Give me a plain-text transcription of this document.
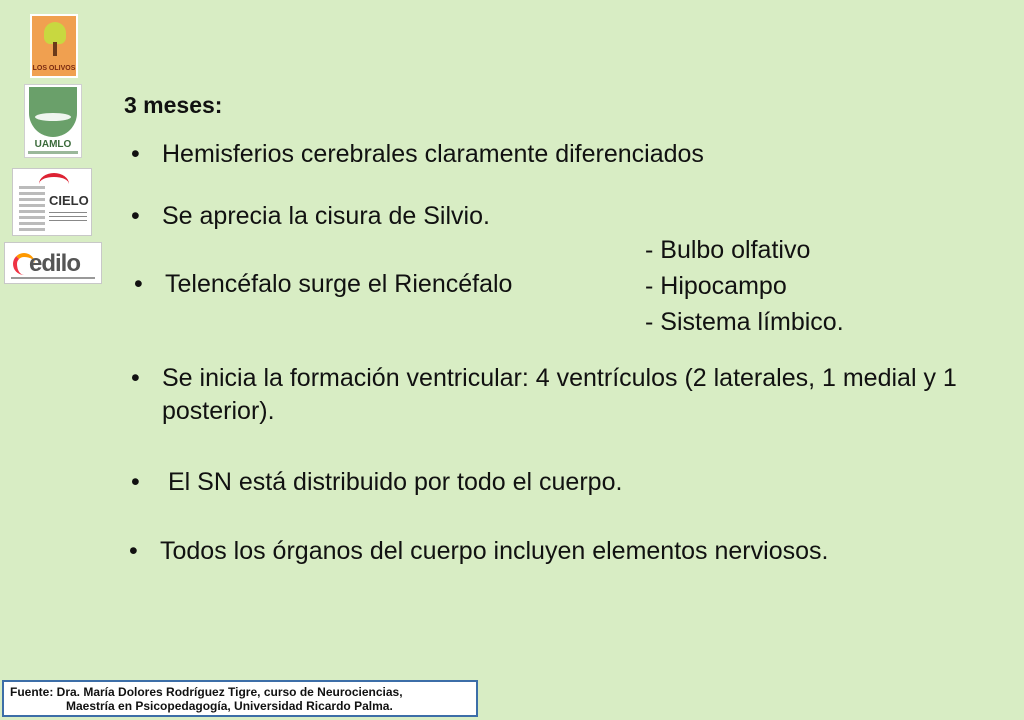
LOS OLIVOS
UAMLO
CIELO
edilo
3 meses:
• Hemisferios cerebrales claramente diferenciados
• Se aprecia la cisura de Silvio.
• Telencéfalo surge el Riencéfalo
• Se inicia la formación ventricular: 4 ventrículos (2 laterales, 1 medial y 1 posterior).
•	El SN está distribuido por todo el cuerpo.
• Todos los órganos del cuerpo incluyen elementos nerviosos.
- Bulbo olfativo
- Hipocampo
- Sistema límbico.
Fuente: Dra. María Dolores Rodríguez Tigre, curso de Neurociencias,
Maestría en Psicopedagogía, Universidad Ricardo Palma.
